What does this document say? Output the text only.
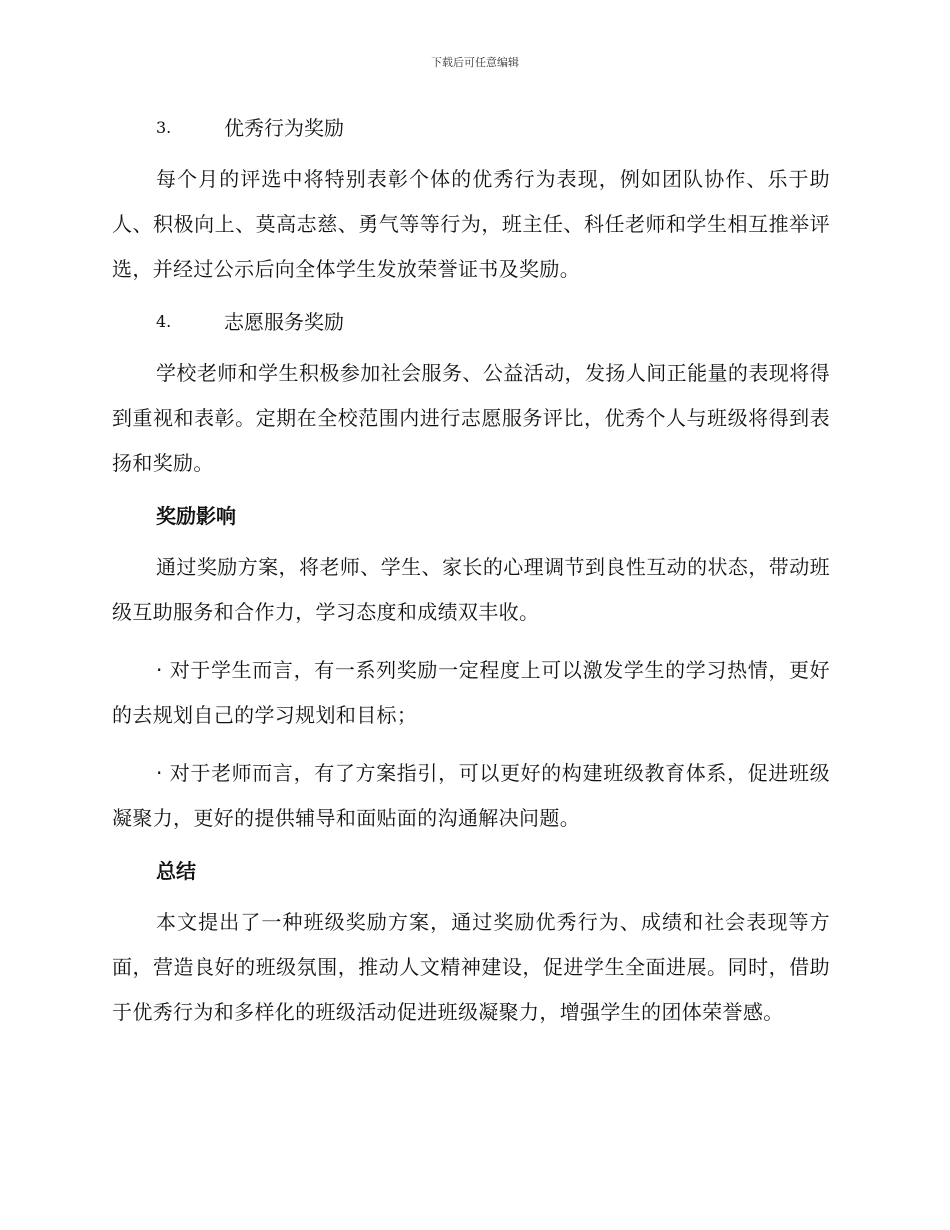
下载后可任意编辑
3.	优秀行为奖励

每个月的评选中将特别表彰个体的优秀行为表现，例如团队协作、乐于助人、积极向上、莫高志慈、勇气等等行为，班主任、科任老师和学生相互推举评选，并经过公示后向全体学生发放荣誉证书及奖励。

4.	志愿服务奖励

学校老师和学生积极参加社会服务、公益活动，发扬人间正能量的表现将得到重视和表彰。定期在全校范围内进行志愿服务评比，优秀个人与班级将得到表扬和奖励。

奖励影响

通过奖励方案，将老师、学生、家长的心理调节到良性互动的状态，带动班级互助服务和合作力，学习态度和成绩双丰收。

· 对于学生而言，有一系列奖励一定程度上可以激发学生的学习热情，更好的去规划自己的学习规划和目标；

· 对于老师而言，有了方案指引，可以更好的构建班级教育体系，促进班级凝聚力，更好的提供辅导和面贴面的沟通解决问题。

总结

本文提出了一种班级奖励方案，通过奖励优秀行为、成绩和社会表现等方面，营造良好的班级氛围，推动人文精神建设，促进学生全面进展。同时，借助于优秀行为和多样化的班级活动促进班级凝聚力，增强学生的团体荣誉感。
